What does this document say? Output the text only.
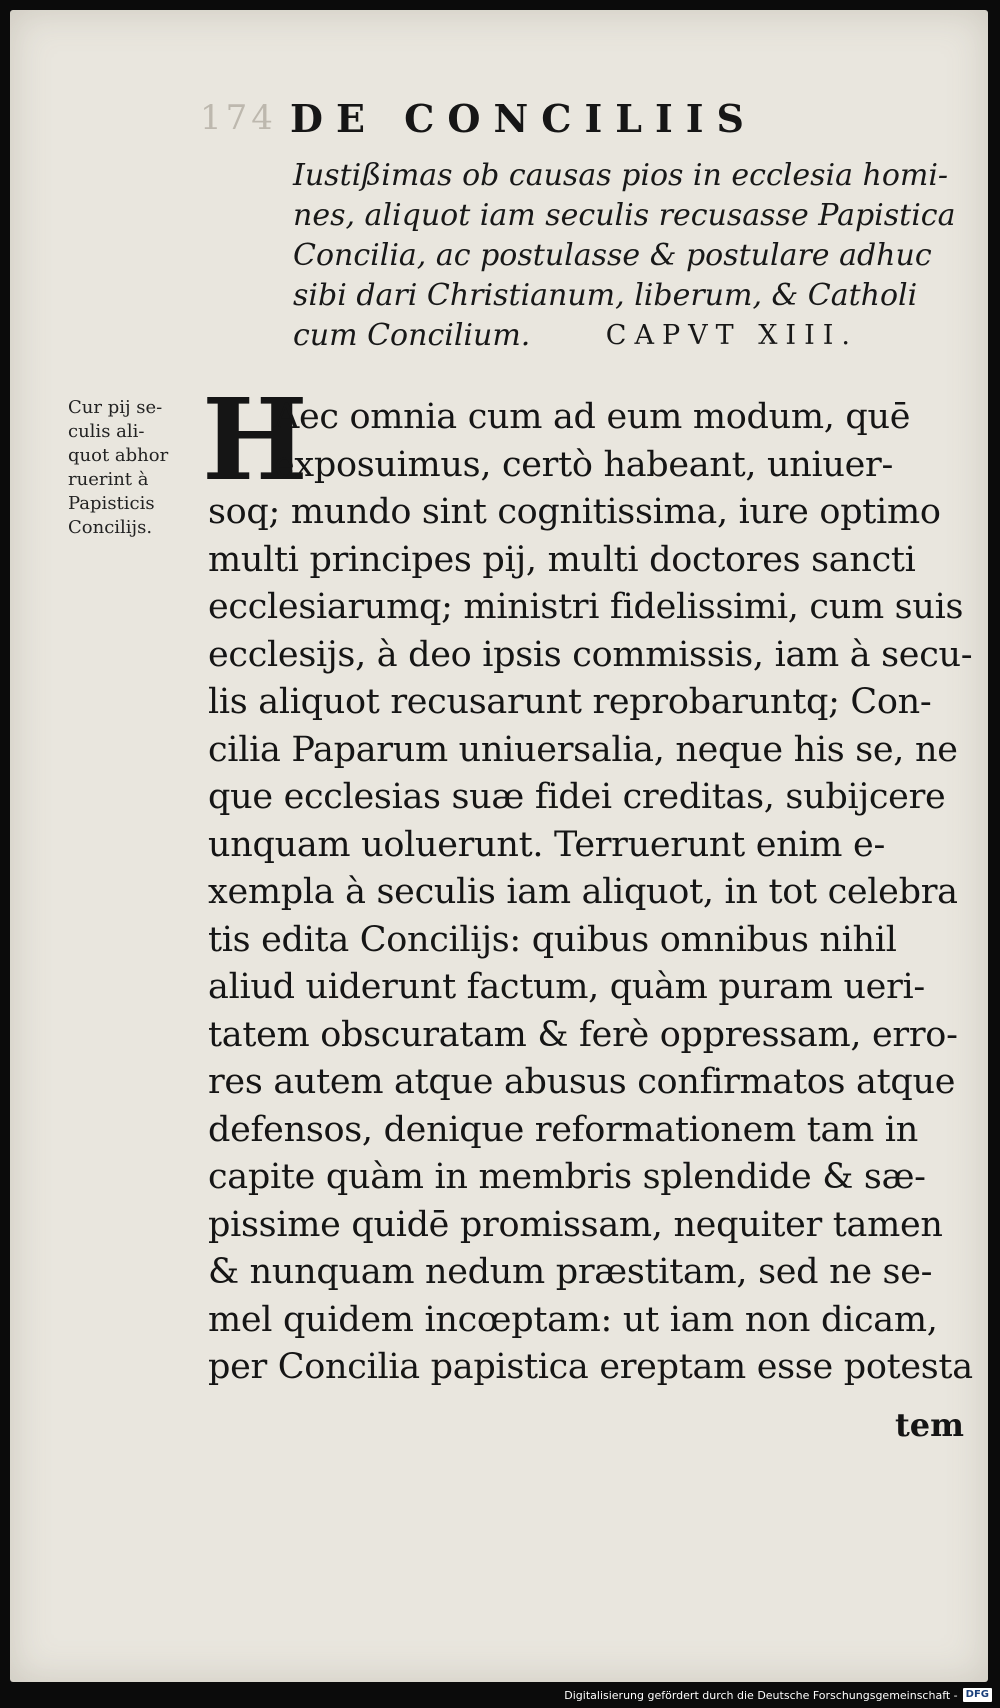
174 DE CONCILIIS
Iustißimas ob causas pios in ecclesia homi-
nes, aliquot iam seculis recusasse Papistica
Concilia, ac postulasse & postulare adhuc
sibi dari Christianum, liberum, & Catholi
cum Concilium.	CAPVT XIII.
Cur pij se-
culis ali-
quot abhor
ruerint à
Papisticis
Concilijs.
H
Aec omnia cum ad eum modum, quē
exposuimus, certò habeant, uniuer-
soq; mundo sint cognitissima, iure optimo
multi principes pij, multi doctores sancti
ecclesiarumq; ministri fidelissimi, cum suis
ecclesijs, à deo ipsis commissis, iam à secu-
lis aliquot recusarunt reprobaruntq; Con-
cilia Paparum uniuersalia, neque his se, ne
que ecclesias suæ fidei creditas, subijcere
unquam uoluerunt. Terruerunt enim e-
xempla à seculis iam aliquot, in tot celebra
tis edita Concilijs: quibus omnibus nihil
aliud uiderunt factum, quàm puram ueri-
tatem obscuratam & ferè oppressam, erro-
res autem atque abusus confirmatos atque
defensos, denique reformationem tam in
capite quàm in membris splendide & sæ-
pissime quidē promissam, nequiter tamen
& nunquam nedum præstitam, sed ne se-
mel quidem incœptam: ut iam non dicam,
per Concilia papistica ereptam esse potesta
tem
Digitalisierung gefördert durch die Deutsche Forschungsgemeinschaft - DFG
